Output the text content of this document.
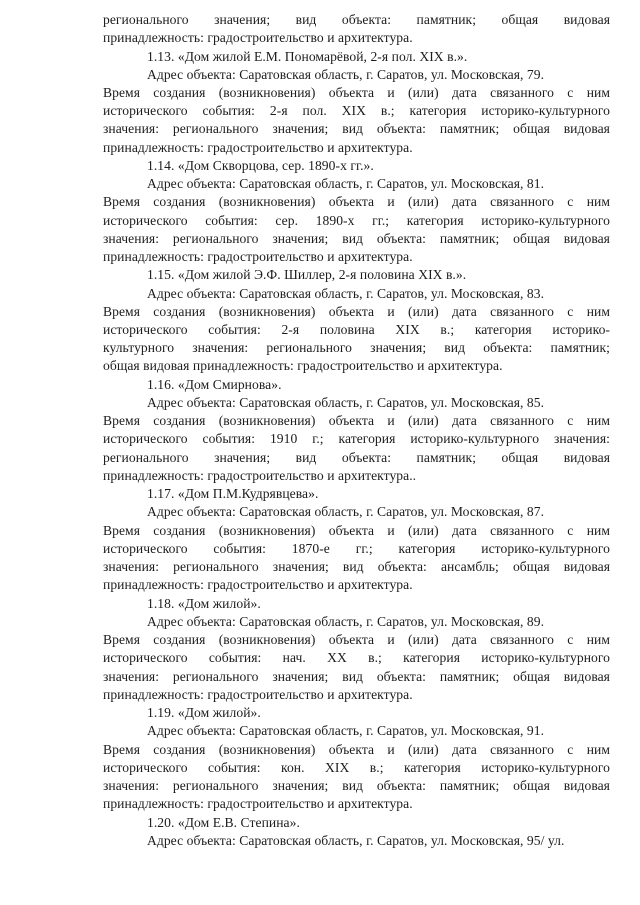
регионального значения; вид объекта: памятник; общая видовая
принадлежность: градостроительство и архитектура.
1.13. «Дом жилой Е.М. Пономарёвой, 2-я пол. XIX в.».
Адрес объекта: Саратовская область, г. Саратов, ул. Московская, 79.
Время создания (возникновения) объекта и (или) дата связанного с ним
исторического события: 2-я пол. XIX в.; категория историко-культурного
значения: регионального значения; вид объекта: памятник; общая видовая
принадлежность: градостроительство и архитектура.
1.14. «Дом Скворцова, сер. 1890-х гг.».
Адрес объекта: Саратовская область, г. Саратов, ул. Московская, 81.
Время создания (возникновения) объекта и (или) дата связанного с ним
исторического события: сер. 1890-х гг.; категория историко-культурного
значения: регионального значения; вид объекта: памятник; общая видовая
принадлежность: градостроительство и архитектура.
1.15. «Дом жилой Э.Ф. Шиллер, 2-я половина XIX в.».
Адрес объекта: Саратовская область, г. Саратов, ул. Московская, 83.
Время создания (возникновения) объекта и (или) дата связанного с ним
исторического события: 2-я половина XIX в.; категория историко-
культурного значения: регионального значения; вид объекта: памятник;
общая видовая принадлежность: градостроительство и архитектура.
1.16. «Дом Смирнова».
Адрес объекта: Саратовская область, г. Саратов, ул. Московская, 85.
Время создания (возникновения) объекта и (или) дата связанного с ним
исторического события: 1910 г.; категория историко-культурного значения:
регионального значения; вид объекта: памятник; общая видовая
принадлежность: градостроительство и архитектура..
1.17. «Дом П.М.Кудрявцева».
Адрес объекта: Саратовская область, г. Саратов, ул. Московская, 87.
Время создания (возникновения) объекта и (или) дата связанного с ним
исторического события: 1870-е гг.; категория историко-культурного
значения: регионального значения; вид объекта: ансамбль; общая видовая
принадлежность: градостроительство и архитектура.
1.18. «Дом жилой».
Адрес объекта: Саратовская область, г. Саратов, ул. Московская, 89.
Время создания (возникновения) объекта и (или) дата связанного с ним
исторического события: нач. XX в.; категория историко-культурного
значения: регионального значения; вид объекта: памятник; общая видовая
принадлежность: градостроительство и архитектура.
1.19. «Дом жилой».
Адрес объекта: Саратовская область, г. Саратов, ул. Московская, 91.
Время создания (возникновения) объекта и (или) дата связанного с ним
исторического события: кон. XIX в.; категория историко-культурного
значения: регионального значения; вид объекта: памятник; общая видовая
принадлежность: градостроительство и архитектура.
1.20. «Дом Е.В. Степина».
Адрес объекта: Саратовская область, г. Саратов, ул. Московская, 95/ ул.
